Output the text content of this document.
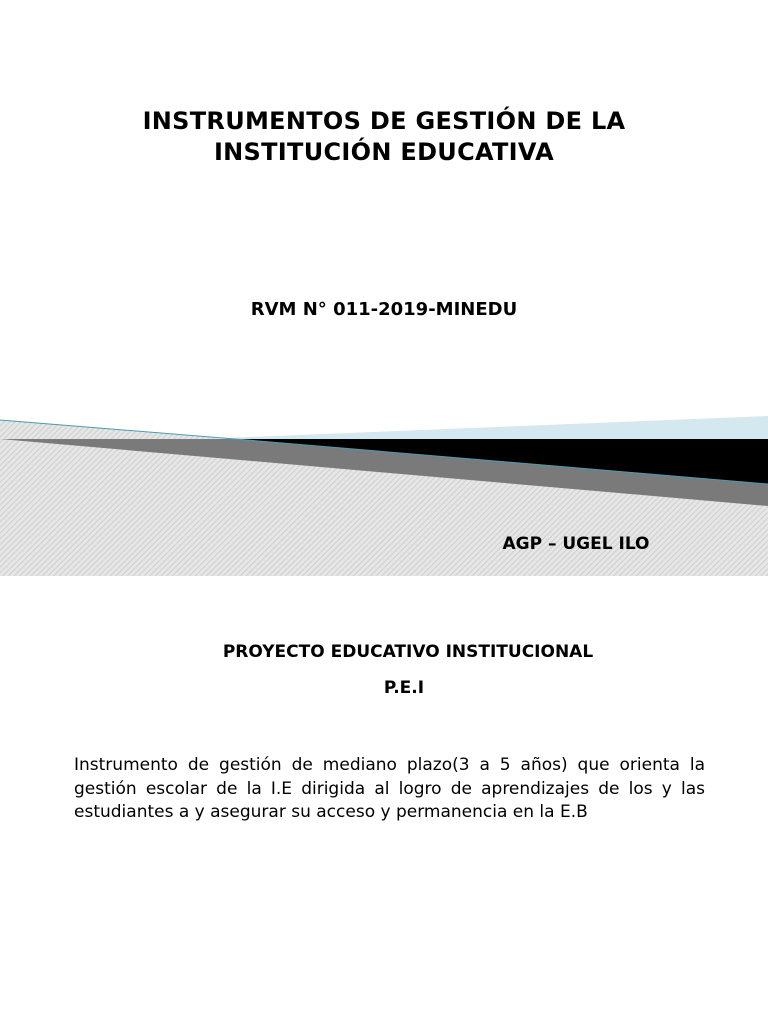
INSTRUMENTOS DE GESTIÓN DE LA
INSTITUCIÓN EDUCATIVA
RVM N° 011-2019-MINEDU
AGP – UGEL ILO
PROYECTO EDUCATIVO INSTITUCIONAL
P.E.I
Instrumento de gestión de mediano plazo(3 a 5 años) que orienta la gestión escolar de la I.E dirigida al logro de aprendizajes de los y las estudiantes a y asegurar su acceso y permanencia en la E.B
